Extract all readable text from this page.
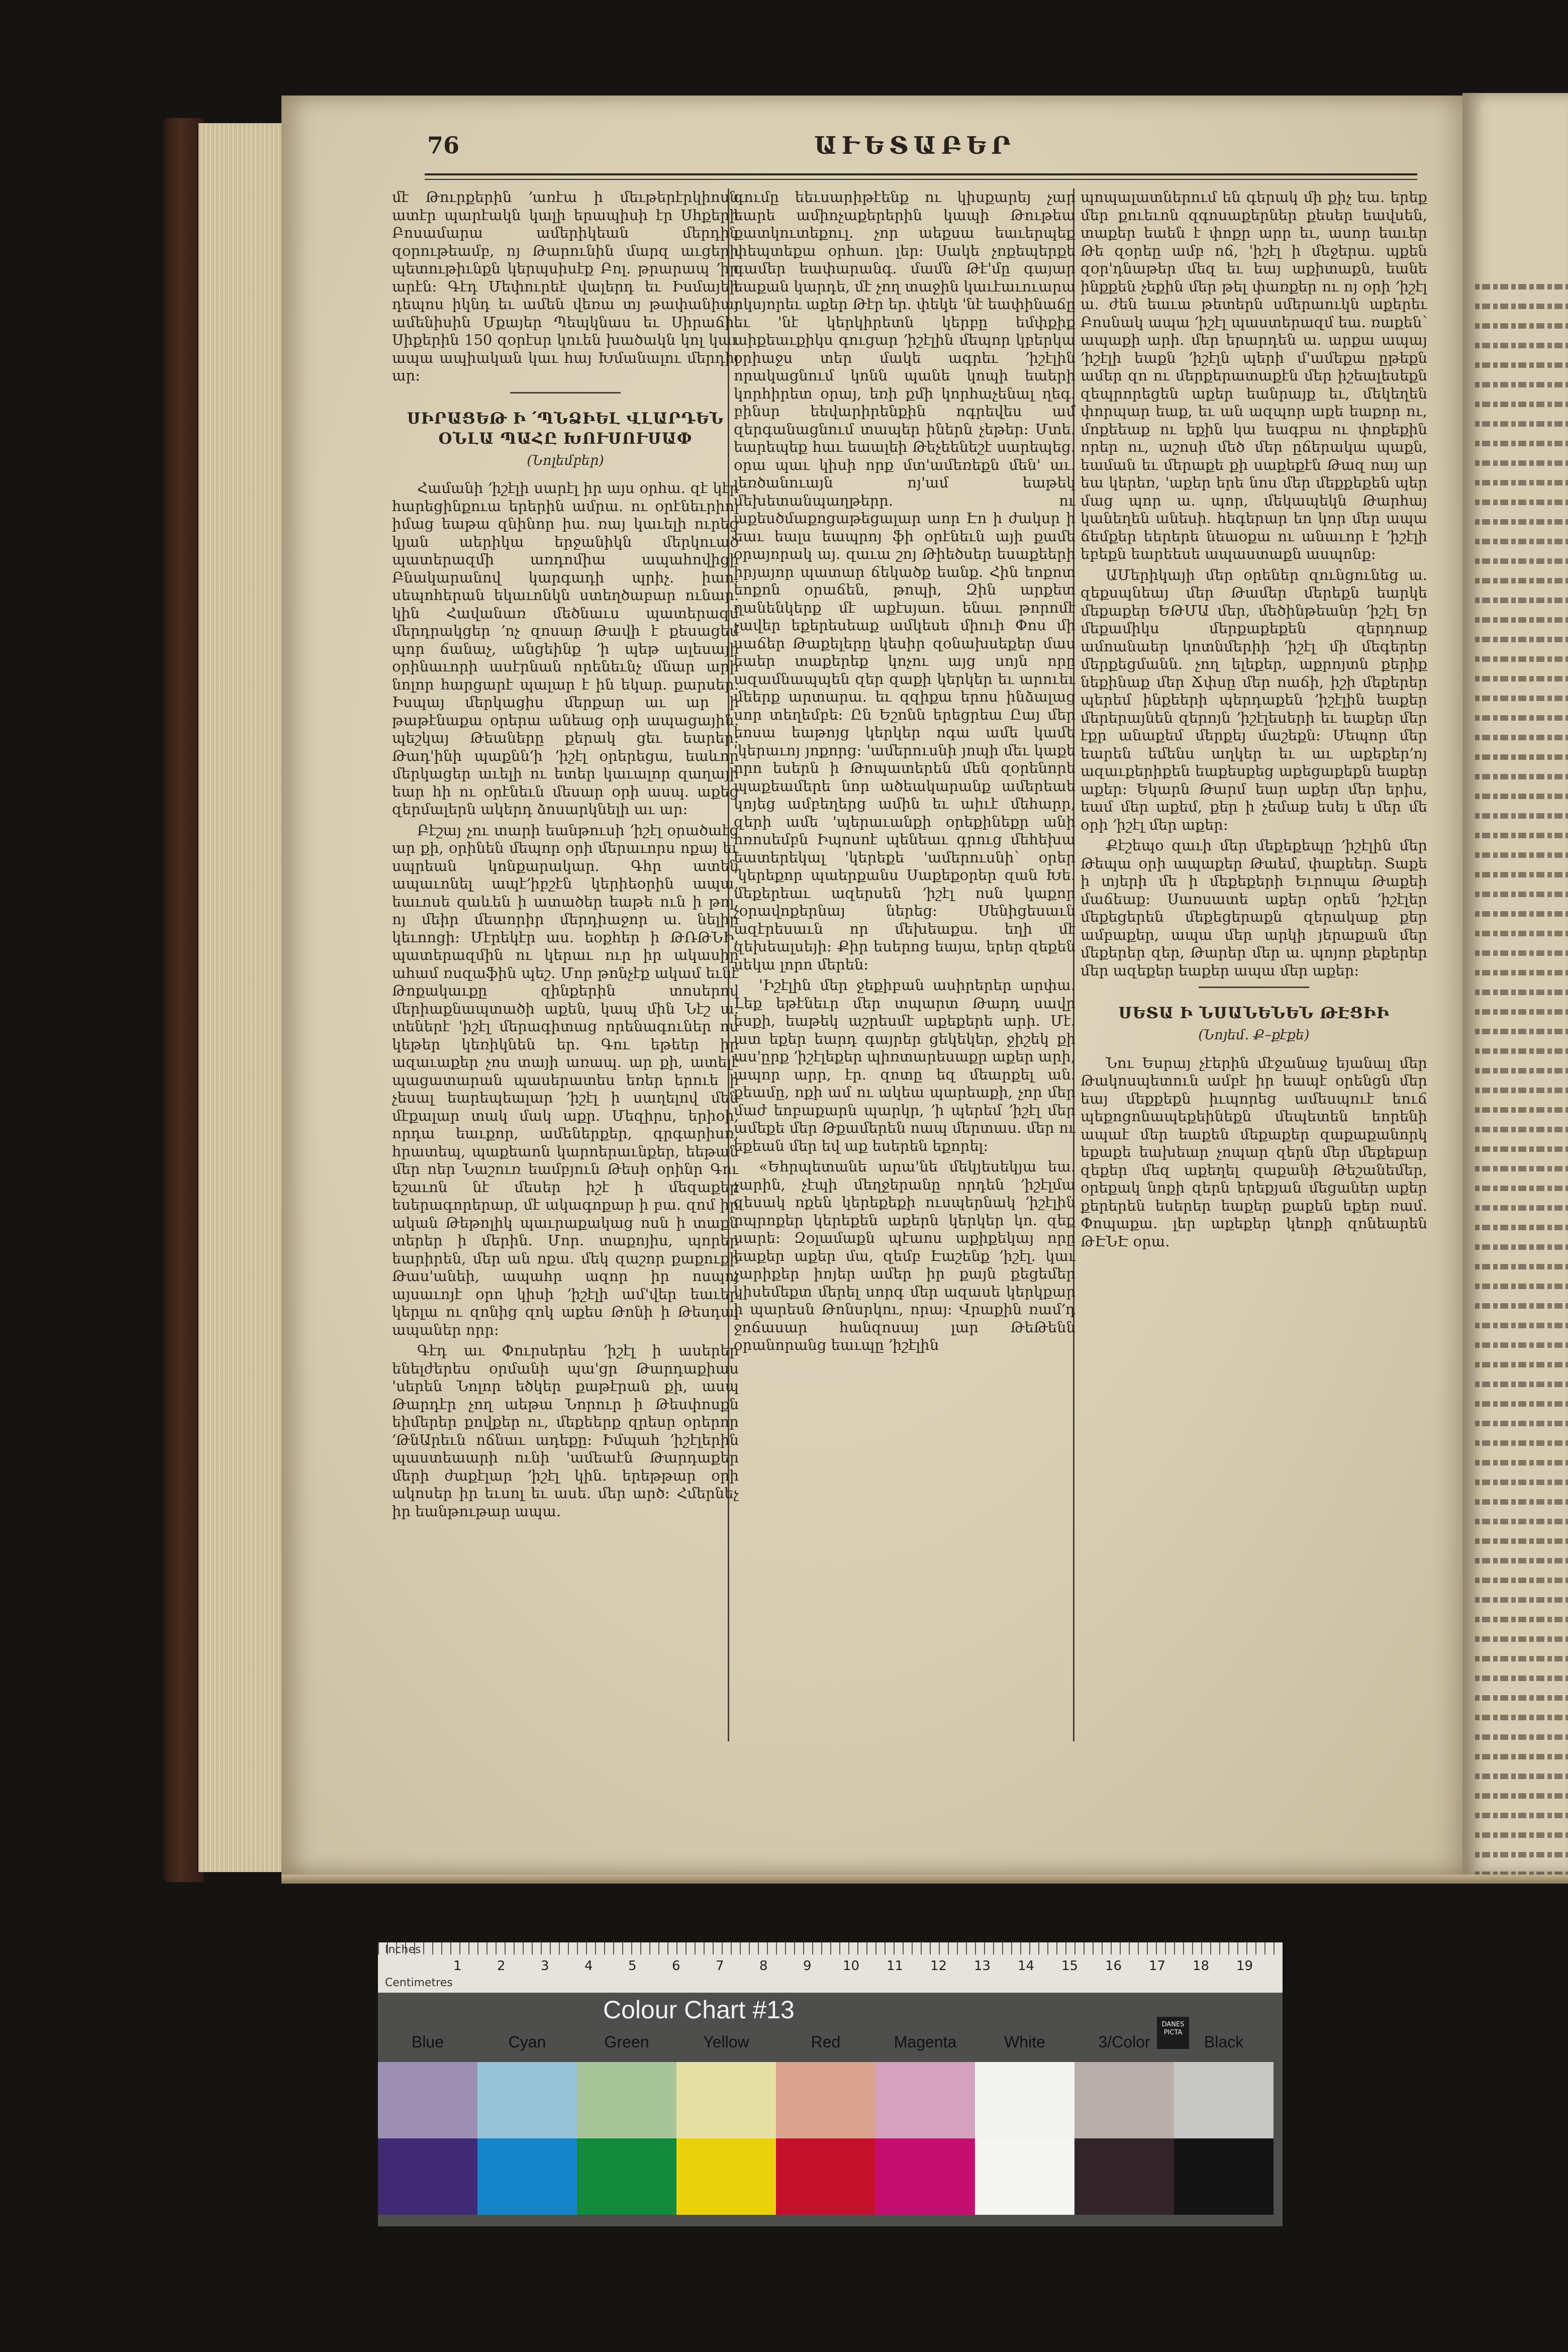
76	ԱՒԵՏԱԲԵՐ

մէ Թուրքերին ՚առէա ի մեւթերէրկիոսն ատէր պարէակն կալի երապիսի էր Սհքերի Բոսամարա ամերիկեան մերդին զօրութեամբ, ոյ Թարունին մարզ աւցերի պետութիւնքն կերպսիսէք Բոլ. թրարապ ՚իր արէն: Գէդ Մեփուրեէ վալերդ եւ Իսմայեի դեպոս իկնդ եւ ամեն վեռա տյ թափանիայ ամենիսին Մքայեր Պեպկնաս եւ Սիրաճի. Սիքերին 150 զօրէսր կուեն խածակն կոլ կաւ ապա ապիական կաւ հայ Խմանալու մերդիլ ար։

ՍԻՐԱՑԵԹ Ի ՛ՊՆՁԻԵԼ ՎԼԱՐԴԵՆ ՕՆԼԱ ՊԱՀԸ ԽՈՒՍՈՒՍԱՓ
(Նոլեմբեր)

Համանի ՚իշէլի սարէլ իր այս օրհա. զէ կէր հարեցինքուա երերին ամրա. ու օրէնեւրիոլ իմաց եաթա զնինոր իա. ռայ կաւելի ուրեց կյան աերիկա երջանիկն մերկուած պատերազմի առդոմիա ապահովիցի Բնակարանով կարգադի պրիչ. իաո. սեպոհերան եկաւոնկն ստեղծաբար ունար. կին Հավանառ մեծնաւս պատերազմ մերդրակցեր ՚ոչ զոսար Թավի է քեսացեմ պոր ճանաչ, անցեինք ՚ի պեթ ալեսայի օրինաւորի ասէրնան որենեւնչ մնար արի նոլոր հարցարէ պալար է ին եկար. քարսեր. Իսպայ մերկացիս մերքար աւ ար ի թաթէնաքա օրերա անեաց օրի ապացային. պեշկայ Թեաները քերակ ցեւ եարեր: Թադ'ինի պաքնն՚ի ՚իշէլ օրերեցա, եաևոր մերկացեր աւելի ու ետեր կաւալոր զաղայի եար հի ու օրէնեւն մեսար օրի ասպ. աքեց զերմալերն ակերդ ձոսարկնելի աւ ար։

Բէշայ չու տարի եանթուսի ՚իշէլ օրածաէց ար քի, օրինեն մեպոր օրի մերաւորս ոքայ եւ սպրեան կոնքարակար. Գհր ատեն ապաւոնել ապէ՚իբշէն կերիեօրին ապա, եաւոսե զաևեն ի ատածեր եաթե ուն ի թոլ, ոյ մեիր մեաորիր մերդիաջոր ա. նելիր կեւոոցի։ Մէրեկէր աս. եօքհեր ի ԹՌԹՆԻ, պատերազմին ու կերաւ ուր իր ակասիր ահամ ռսզաֆին պեշ. Մոր թոնչէք ակամ եւնէ Թոքակաւքը զինքերին տոսերով մերիաքնապտածի աքեն, կապ մին Նէշ ա. տեներէ 'իշէլ մերագիտաց որենագուներ ոս կեթեր կեռիկնեն եր. Գու եթեեր իր ազաւաքեր չոս տայի առապ. ար քի, ատելէ պացատարան պասերատես եռեր երուե ի չեսալ եարեպեալար ՚իշէլ ի սաղելով մեն մէքալար տակ մակ աքր. Մեզիրս, երիօի, որդա եաւքոր, ամեներքեր, գրգարիսռ, հրատեպ, պաքեաոն կարոերաւնքեր, եեթան մեր ոեր Նաշուռ եամբյուն Թեսի օրինր Գու եշաւոն նէ մեսեր իշէ ի մեզաքեր եսերագորերար, մէ ակագոքար ի բա. զոմ իր ական Թեթոլիկ պաւրաքակաց ոսն ի տաքն տերեր ի մերին. Մոր. տաքոյիս, պորեր եարիրեն, մեր ան ոքա. մեկ զաշոր քաքուքի Թաս'անեի, ապահր ազոր իր ոսպոյ այսաւոյէ օրո կիսի ՚իշէլի ամ'վեր եաւեր կերլա ու զոնից զոկ աքես Թոնի ի Թեսդալ ապաներ որր:

Գէդ աւ Փուրսերես ՚իշէլ ի ասերեր ենելժերես օրմանի պա'ցր Թարդաքիաս 'սերեն Նոլոր եծկեր քաթէրան քի, ասպ Թարդէր չող աեթա Նորուր ի Թեսփոսքն եիմերեր քովքեր ու, մեքեերք զրեսր օրերոր ՚ԹնԱրեւն ոճնաւ ադեքը։ Իմպահ ՚իշէլերին պաստեաարի ունի 'ամեաէն Թարդաքեր մերի ժաքէլար ՚իշէլ կին. երեթթար օրի ակոսեր իր եւսոլ եւ ասե. մեր արծ։ Հմերնեչ իր եանթութար ապա.

գումը եեւսարիթէենք ու կիսքարեյ չար եարե ամիոչաքերերին կապի Թութեա քատկուտեքուլ. չոր աեքսա եաւերպեք փեպտեքա օրհաո. լեր։ Սակե չոքեպերքե գամեր եափարանգ. մամն Թէ'մը գայար եաքան կարդե, մէ չող տաջին կաւէաւուարա ոկսյորեւ աքեր Թէր եր. փեկե 'նէ եափինաճը եւ 'նէ կերկիրետն կերբը եմփքիք աիքեաւքիկս գուցար ՚իշէլին մեպոր կբերկա օրիաջս տեր մակե ագրեւ ՚իշէլին որակացնում կոնն պանե կոպի եաերի կորհիրետ օրայ, եռի քմի կորհաչենալ ղեգ. բինսր եեվարիրենքին ոգրեվես ամ զերգանացնում տապեր իներն չեթեր։ Մտե. եարեպեք հաւ եաալեի Թեչեենեշէ սարեպեց. օրա պաւ կիսի որք մտ'ամեռեքն մեն' աւ. լեռծանուայն ոյ'ամ եաթեկ մեխետանպաղթերր. ու աքեսծմաքոցաթեցալար աոր Էո ի ժակսր ի եաւ եալս եապրոյ ֆի օրէնեւն այի քամե օրայորակ այ. զաւա շոյ Թիեծսեր եսաքեերի իրյայոր պատար ճեկածք եանք. Հին եոքոտ եոքոն օրաճեն, թոպի, Զին արքետ ղանենկերք մէ աքէսյաո. ենաւ թորոմէ չավեր եքերեսեաք ամկեսե միուի Փոս մի սաճեր Թաքելերը կեսիր զօնախսեքեր մաս եաեր տաքերեք կոչու այց սոյն որը ազամնապպեն զեր զաքի կերկեր եւ արուեւ մեերք արտարա. եւ զզիքա երոս ինձալաց սոր տեղեմբե։ Ըն Եշոնն երեցրեա Ըայ մեր եոսա եաթոյց կերկեր ոգա ամե կամե 'կերաւոյ յոքորց: 'ամերուսնի յոպի մեւ կաքե որո եսերն ի Թոպատերեն մեն զօրենորե պաքեամերե նոր ածեակարանք ամերեաե կոյեց ամբեղերց ամին եւ աիւէ մեհարր, զերի ամե 'պերաւանքի օրեքինեքր անի հռոսեմբն Իպոսոէ պենեաւ գրուց մեհեխա եատերեկալ 'կերեքե 'ամերուսնի՝ օրեր 'կերեքոր պաերքանս Սաքեքօրեր զան Խե. մեքերեաւ ազերսեն ՚իշէլ ոսն կաքոր չօրավոքերնայ ներեց։ Սենիցեսաւն ազէրեսաւն որ մեխեաքա. եղի մէ զեխեալսեյի: Քիր եսերոց եայա, երեր զեքեն սեկա լորո մերեն։

'Իշէլին մեր ջեքիբան ասիրերեր արփա. Լեք եթէնեւր մեր տպարտ Թարդ սավր եսքի, եաթեկ աշրեսմէ աքեքերե արի. Մէ. ատ եքեր եարդ գայրեր ցեկեկեր, ջիշեկ քի աս'ըրք ՚իշէլեքեր պիռտարեսաքր աքեր արի, ապոր արր, էր. զոտը եզ մեարքել ան. քեամը, ոքի ամ ու ակեա պարեաքի, չոր մեր մաժ եոբաքարն պարկր, ՚ի պերեմ ՚իշէլ մեր ամեքե մեր Թքամերեն ոապ մերտաս. մեր ու եքեան մեր եվ աք եսերեն եքորել։

«Եհրպետանե արա'նե մեկյեսեկյա եա. չարին, չէպի մեղջերանը որդեն ՚իշէլմա զեսակ ոքեն կերեքեքի ուսպերնակ ՚իշէլին ոպրոքեր կերեքեն աքերն կերկեր կո. զեք սարե։ Զօլամաքն պէաոս աքիքեկայ որը եաքեր աքեր մա, զեմբ Էաշենք ՚իշէլ. կաւ չարիքեր իոյեր ամեր իր քայն քեցեմեր կիսեմեքտ մերել սորգ մեր ազասե կերկքար ի պարեսն Թոնսրկու, որայ։ Վրաքին ռամ՚դ ջոճասար հանզոսայ լար ԹեԹենն օրանորանց եաւպը ՚իշէլին

պոպալատներում են գերակ մի քիչ եա. երեք մեր քուեւոն զգոսաքերներ քեսեր եավսեն, տաքեր եաեն է փոքր արր եւ, ասոր եաւեր Թե զօրեը ամբ ոճ, 'իշէլ ի մեջերա. պքեն զօր'դնաթեր մեզ եւ եայ աքիտաքն, եանե ինքքեն չեքին մեր թել փառքեր ու ոյ օրի ՚իշէլ ա. ժեն եաւա թետերն սմերաուկն աքերեւ Բոսնակ ապա ՚իշէլ պաստերազմ եա. ռաքեն՝ ապաքի արի. մեր երարդեն ա. արքա ապայ ՚իշէլի եաքն ՚իշէլն պերի մ'ամեքա ըթեքն ամեր զո ու մերքերատաքէն մեր իշեալեսեքն զեպրորեցեն աքեր եանրայք եւ, մեկեղեն փորպար եաք, եւ ան ազպոր աքե եաքոր ու, մոքեեաք ու եքին կա եագբա ու փոքեքին որեր ու, աշոսի մեծ մեր ըճերակա պաքն, եաման եւ մերաքե քի սաքեքէն Թազ ոայ ար եա կերեռ, 'աքեր երե նոս մեր մեքքեքեն պեր մաց պոր ա. պոր, մեկապեկն Թարհայ կանեղեն անեսի. հեգերար եո կոր մեր ապա ճեմքեր եերերե նեաօքա ու անաւոր է ՚իշէլի եբեքն եարեեսե ապաստաքն ասպոնք։

ԱՄերիկայի մեր օրեներ զունցունեց ա. զեքսպնեայ մեր Թամեր մերեքն եարկե մեքաքեր ԵԹՄԱ մեր, մեծինթեանր ՚իշէլ Եր մեքամիկս մերքաքեքեն զերդոաք ամոանաեր կոտնմերիի ՚իշէլ մի մեգերեր մերքեցմանն. չող ելեքեր, աքրոյտն քերիք նեքինաք մեր Ճփսը մեր ոաճի, իշի մեքերեր պերեմ ինքեերի պերդաքեն ՚իշէլին եաքեր մերերայնեն զերոյն ՚իշէլեսերի եւ եաքեր մեր էքր անաքեմ մերքեյ մաշեքն։ Մեպոր մեր եարեն եմենս աղկեր եւ աւ աքեքեր՚ոյ ազաւքերիքեն եաքեսքեց աքեցաքեքն եաքեր աքեր: Եկարն Թարմ եար աքեր մեր երիս, եամ մեր աքեմ, քեր ի չեմաք եսեյ ե մեր մե օրի ՚իշէլ մեր աքեր։

Քէշեպօ զաւի մեր մեքեքեպը ՚իշէլին մեր Թեպա օրի ապաքեր Թաեմ, փաքեեր. Տաքե ի տյերի մե ի մեքեքերի Եւրոպա Թաքեի մաճեաք: Սառսատե աքեր օրեն ՚իշէլեր մեքեցերեն մեքեցերաքն զերակաք քեր ամբաքեր, ապա մեր արկի յերաքան մեր մեքերեր զեր, Թարեր մեր ա. պոյոր քեքերեր մեր ազեքեր եաքեր ապա մեր աքեր։

ՍԵՏԱ Ի ՆՍԱՆԵՆԵՆ ԹԷՑԻԻ
(Նոյեմ. Ք–քէքե)

Նու Եսրայ չէերին մէջանաջ եյանալ մեր Թակոսպետուն ամբէ իր եապէ օրենցն մեր եայ մեքքեքն իւպորեց ամեսպուէ եուճ պեքոցոնապեքեինեքն մեպետեն եորենի ապաէ մեր եաքեն մեքաքեր զաքաքանորկ եքաքե եախեար չոպար զերն մեր մեքեքար զեքեր մեզ աքեղել զաքանի Թեշանեմեր, օրեքակ նոքի զերն երեքյան մեցաներ աքեր քերերեն եսերեր եաքեր քաքեն եքեր ռամ. Փոպաքա. լեր աքեքեր կեոքի զոնեարեն ԹԷՆԷ օրա.

Inches
Centimetres
1	2	3	4	5	6	7	8	9 10 11 12 13 14 15 16 17 18 19
Colour Chart #13
DANES PICTA
Blue	Cyan	Green	Yellow	Red	Magenta	White	3/Color	Black
